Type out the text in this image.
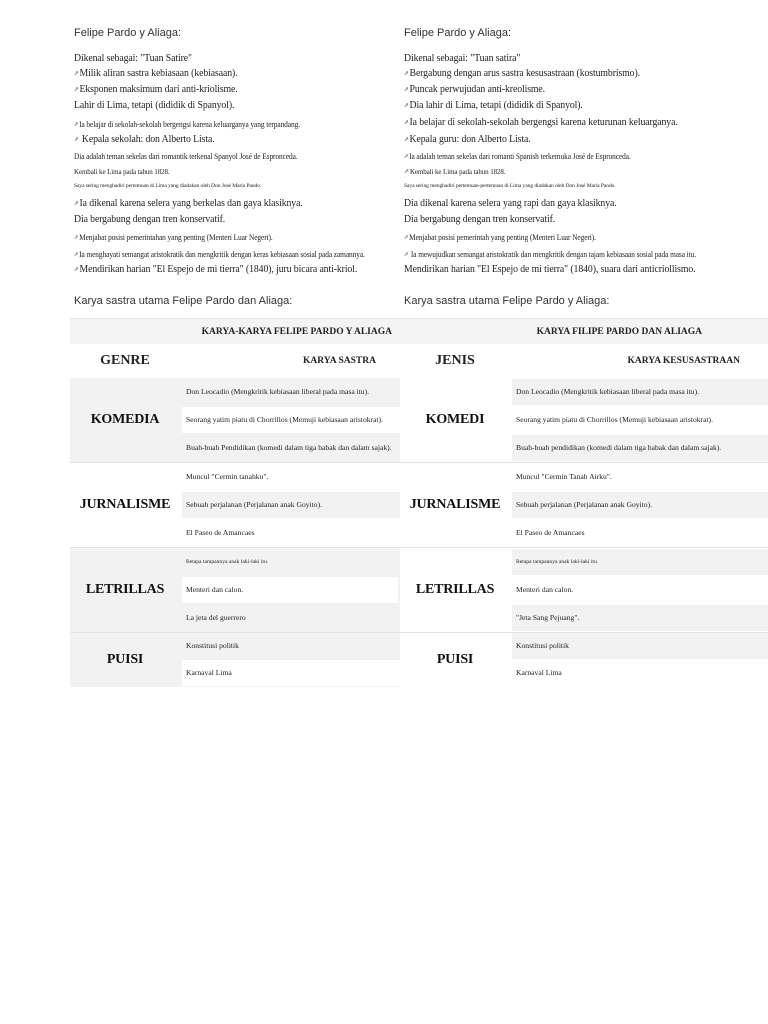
Felipe Pardo y Aliaga:
Dikenal sebagai: "Tuan Satire"
⇗Milik aliran sastra kebiasaan (kebiasaan).
⇗Eksponen maksimum dari anti-kriolisme.
Lahir di Lima, tetapi (dididik di Spanyol).
⇗Ia belajar di sekolah-sekolah bergengsi karena keluarganya yang terpandang.
⇗ Kepala sekolah: don Alberto Lista.
Dia adalah teman sekelas dari romantik terkenal Spanyol José de Espronceda.
Kembali ke Lima pada tahun 1828.
Saya sering menghadiri pertemuan di Lima yang diadakan oleh Don José María Pando.
⇗Ia dikenal karena selera yang berkelas dan gaya klasiknya.
Dia bergabung dengan tren konservatif.
⇗Menjabat posisi pemerintahan yang penting (Menteri Luar Negeri).
⇗Ia menghayati semangat aristokratik dan mengkritik dengan keras kebiasaan sosial pada zamannya.
⇗Mendirikan harian "El Espejo de mi tierra" (1840), juru bicara anti-kriol.
Karya sastra utama Felipe Pardo dan Aliaga:
Felipe Pardo y Aliaga:
Dikenal sebagai: "Tuan satira"
⇗Bergabung dengan arus sastra kesusastraan (kostumbrismo).
⇗Puncak perwujudan anti-kreolisme.
⇗Dia lahir di Lima, tetapi (dididik di Spanyol).
⇗Ia belajar di sekolah-sekolah bergengsi karena keturunan keluarganya.
⇗Kepala guru: don Alberto Lista.
⇗Ia adalah teman sekelas dari romanti Spanish terkemuka José de Espronceda.
⇗Kembali ke Lima pada tahun 1828.
Saya sering menghadiri pertemuan-pertemuan di Lima yang diadakan oleh Don José María Pando.
Dia dikenal karena selera yang rapi dan gaya klasiknya.
Dia bergabung dengan tren konservatif.
⇗Menjabat posisi pemerintah yang penting (Menteri Luar Negeri).
⇗ Ia mewujudkan semangat aristokratik dan mengkritik dengan tajam kebiasaan sosial pada masa itu.
Mendirikan harian "El Espejo de mi tierra" (1840), suara dari anticriollismo.
Karya sastra utama Felipe Pardo y Aliaga:
KARYA-KARYA FELIPE PARDO Y ALIAGA
GENRE	KARYA SASTRA
KOMEDIA
Don Leocadio (Mengkritik kebiasaan liberal pada masa itu).
Seorang yatim piatu di Chorrillos (Memuji kebiasaan aristokrat).
Buah-buah Pendidikan (komedi dalam tiga babak dan dalam sajak).
JURNALISME
Muncul "Cermin tanahku".
Sebuah perjalanan (Perjalanan anak Goyito).
El Paseo de Amancaes
LETRILLAS
Betapa tampannya anak laki-laki itu.
Menteri dan calon.
La jeta del guerrero
PUISI
Konstitusi politik
Karnaval Lima
KARYA FILIPE PARDO DAN ALIAGA
JENIS	KARYA KESUSASTRAAN
KOMEDI
Don Leocadio (Mengkritik kebiasaan liberal pada masa itu).
Seorang yatim piatu di Chorrillos (Memuji kebiasaan aristokrat).
Buah-buah pendidikan (komedi dalam tiga babak dan dalam sajak).
JURNALISME
Muncul "Cermin Tanah Airku".
Sebuah perjalanan (Perjalanan anak Goyito).
El Paseo de Amancaes
LETRILLAS
Betapa tampannya anak laki-laki itu.
Menteri dan calon.
"Jeta Sang Pejuang".
PUISI
Konstitusi politik
Karnaval Lima
